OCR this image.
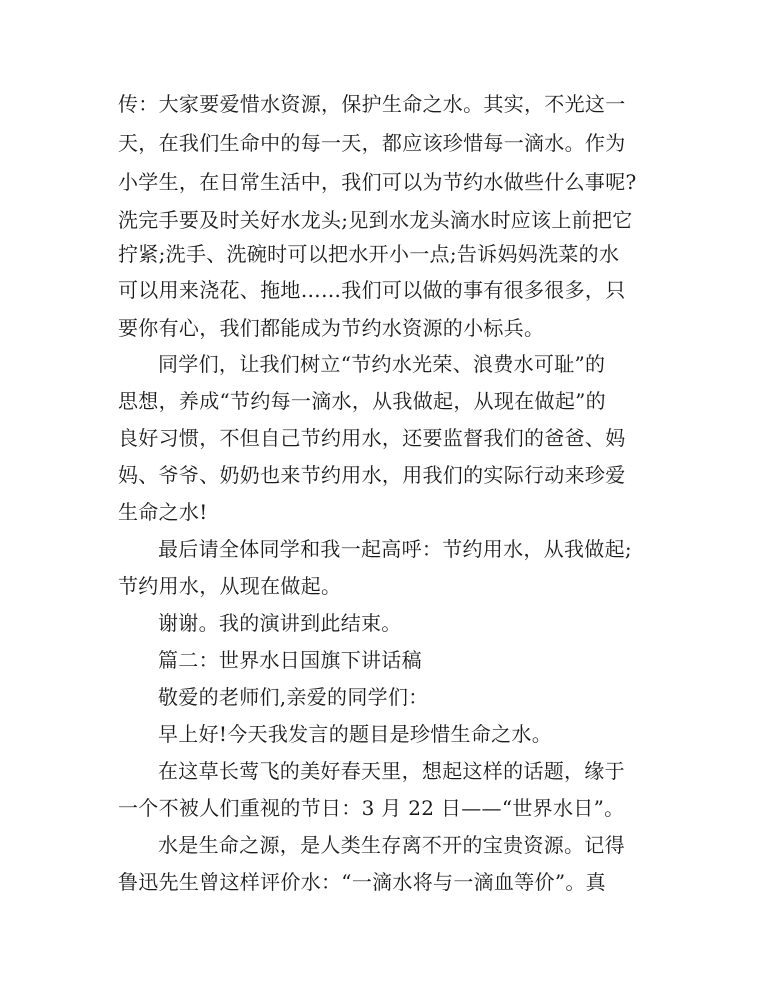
传：大家要爱惜水资源，保护生命之水。其实，不光这一
天，在我们生命中的每一天，都应该珍惜每一滴水。作为
小学生，在日常生活中，我们可以为节约水做些什么事呢?
洗完手要及时关好水龙头;见到水龙头滴水时应该上前把它
拧紧;洗手、洗碗时可以把水开小一点;告诉妈妈洗菜的水
可以用来浇花、拖地……我们可以做的事有很多很多，只
要你有心，我们都能成为节约水资源的小标兵。
同学们，让我们树立“节约水光荣、浪费水可耻”的
思想，养成“节约每一滴水，从我做起，从现在做起”的
良好习惯，不但自己节约用水，还要监督我们的爸爸、妈
妈、爷爷、奶奶也来节约用水，用我们的实际行动来珍爱
生命之水!
最后请全体同学和我一起高呼：节约用水，从我做起;
节约用水，从现在做起。
谢谢。我的演讲到此结束。
篇二：世界水日国旗下讲话稿
敬爱的老师们,亲爱的同学们：
早上好!今天我发言的题目是珍惜生命之水。
在这草长莺飞的美好春天里，想起这样的话题，缘于
一个不被人们重视的节日：3 月 22 日——“世界水日”。
水是生命之源，是人类生存离不开的宝贵资源。记得
鲁迅先生曾这样评价水：“一滴水将与一滴血等价”。真
